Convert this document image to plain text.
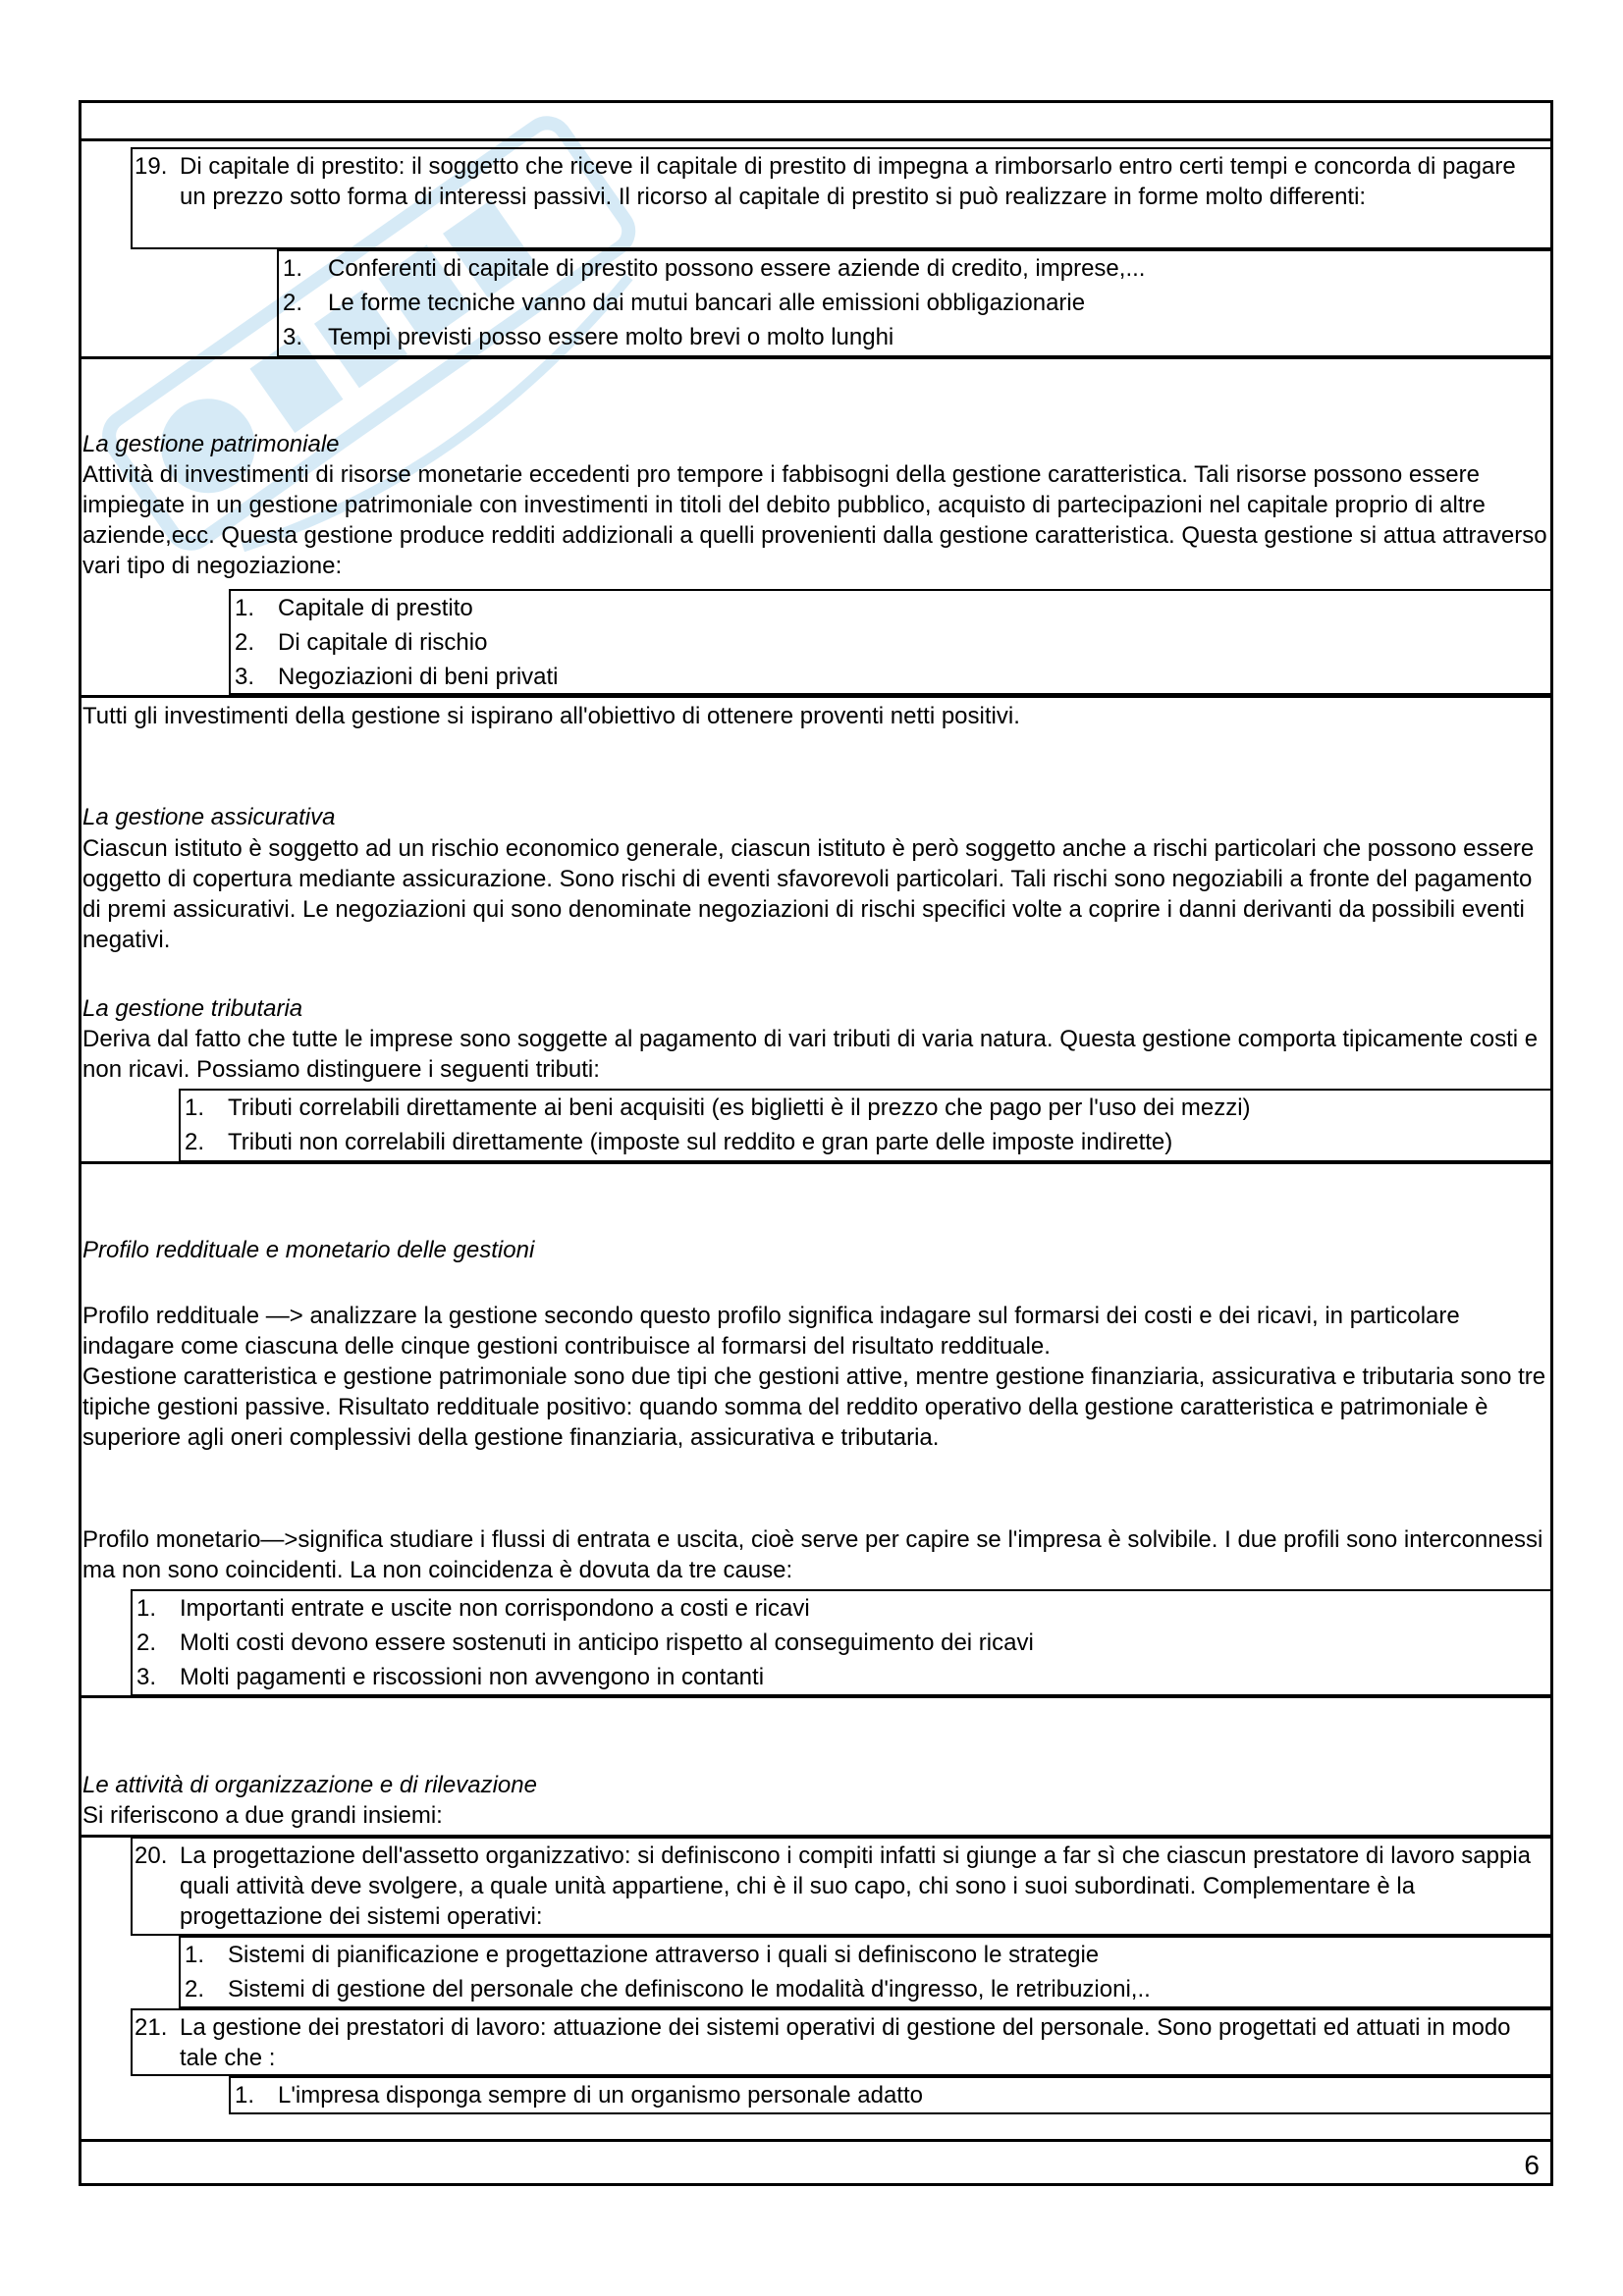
19. Di capitale di prestito: il soggetto che riceve il capitale di prestito di impegna a rimborsarlo entro certi tempi e concorda di pagare un prezzo sotto forma di interessi passivi. Il ricorso al capitale di prestito si può realizzare in forme molto differenti:

1. Conferenti di capitale di prestito possono essere aziende di credito, imprese,...
2. Le forme tecniche vanno dai mutui bancari alle emissioni obbligazionarie
3. Tempi previsti posso essere molto brevi o molto lunghi

La gestione patrimoniale

Attività di investimenti di risorse monetarie eccedenti pro tempore i fabbisogni della gestione caratteristica. Tali risorse possono essere impiegate in un gestione patrimoniale con investimenti in titoli del debito pubblico, acquisto di partecipazioni nel capitale proprio di altre aziende,ecc. Questa gestione produce redditi addizionali a quelli provenienti dalla gestione caratteristica. Questa gestione si attua attraverso vari tipo di negoziazione:

1. Capitale di prestito
2. Di capitale di rischio
3. Negoziazioni di beni privati

Tutti gli investimenti della gestione si ispirano all'obiettivo di ottenere proventi netti positivi.

La gestione assicurativa

Ciascun istituto è soggetto ad un rischio economico generale, ciascun istituto è però soggetto anche a rischi particolari che possono essere oggetto di copertura mediante assicurazione. Sono rischi di eventi sfavorevoli particolari. Tali rischi sono negoziabili a fronte del pagamento di premi assicurativi. Le negoziazioni qui sono denominate negoziazioni di rischi specifici volte a coprire i danni derivanti da possibili eventi negativi.

La gestione tributaria

Deriva dal fatto che tutte le imprese sono soggette al pagamento di vari tributi di varia natura. Questa gestione comporta tipicamente costi e non ricavi. Possiamo distinguere i seguenti tributi:

1. Tributi correlabili direttamente ai beni acquisiti (es biglietti è il prezzo che pago per l'uso dei mezzi)
2. Tributi non correlabili direttamente (imposte sul reddito e gran parte delle imposte indirette)

Profilo reddituale e monetario delle gestioni

Profilo reddituale —> analizzare la gestione secondo questo profilo significa indagare sul formarsi dei costi e dei ricavi, in particolare indagare come ciascuna delle cinque gestioni contribuisce al formarsi del risultato reddituale.

Gestione caratteristica e gestione patrimoniale sono due tipi che gestioni attive, mentre gestione finanziaria, assicurativa e tributaria sono tre tipiche gestioni passive. Risultato reddituale positivo: quando somma del reddito operativo della gestione caratteristica e patrimoniale è superiore agli oneri complessivi della gestione finanziaria, assicurativa e tributaria.

Profilo monetario—>significa studiare i flussi di entrata e uscita, cioè serve per capire se l'impresa è solvibile. I due profili sono interconnessi ma non sono coincidenti. La non coincidenza è dovuta da tre cause:

1. Importanti entrate e uscite non corrispondono a costi e ricavi
2. Molti costi devono essere sostenuti in anticipo rispetto al conseguimento dei ricavi
3. Molti pagamenti e riscossioni non avvengono in contanti

Le attività di organizzazione e di rilevazione

Si riferiscono a due grandi insiemi:

20. La progettazione dell'assetto organizzativo: si definiscono i compiti infatti si giunge a far sì che ciascun prestatore di lavoro sappia quali attività deve svolgere, a quale unità appartiene, chi è il suo capo, chi sono i suoi subordinati. Complementare è la progettazione dei sistemi operativi:

1. Sistemi di pianificazione e progettazione attraverso i quali si definiscono le strategie
2. Sistemi di gestione del personale che definiscono le modalità d'ingresso, le retribuzioni,..
21. La gestione dei prestatori di lavoro: attuazione dei sistemi operativi di gestione del personale. Sono progettati ed attuati in modo tale che :

1. L'impresa disponga sempre di un organismo personale adatto
6
